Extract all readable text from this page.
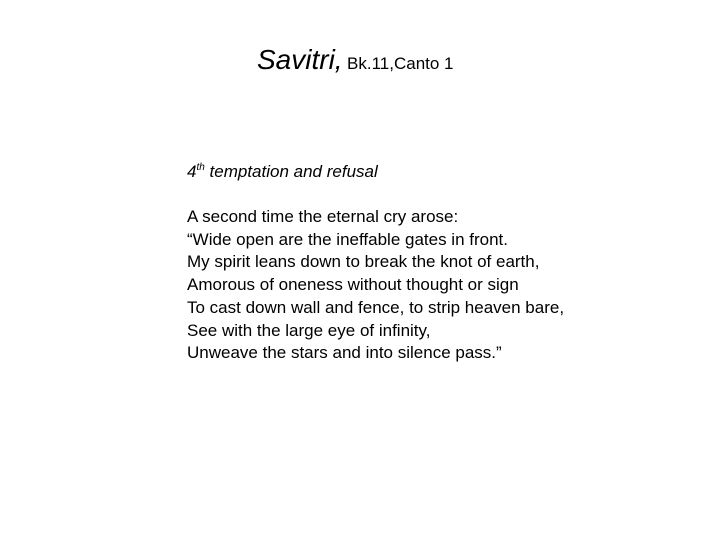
Savitri, Bk.11,Canto 1
4th temptation and refusal
A second time the eternal cry arose:
“Wide open are the ineffable gates in front.
My spirit leans down to break the knot of earth,
Amorous of oneness without thought or sign
To cast down wall and fence, to strip heaven bare,
See with the large eye of infinity,
Unweave the stars and into silence pass.”
